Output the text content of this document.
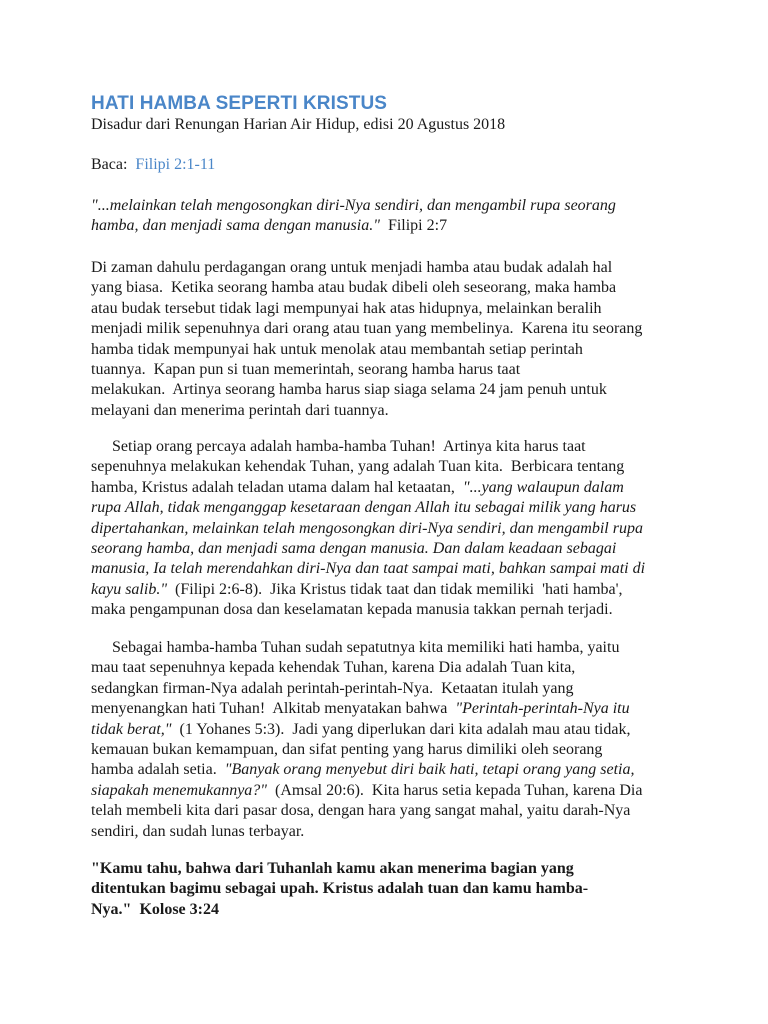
HATI HAMBA SEPERTI KRISTUS
Disadur dari Renungan Harian Air Hidup, edisi 20 Agustus 2018
Baca: Filipi 2:1-11
"...melainkan telah mengosongkan diri-Nya sendiri, dan mengambil rupa seorang
hamba, dan menjadi sama dengan manusia." Filipi 2:7
Di zaman dahulu perdagangan orang untuk menjadi hamba atau budak adalah hal
yang biasa.  Ketika seorang hamba atau budak dibeli oleh seseorang, maka hamba
atau budak tersebut tidak lagi mempunyai hak atas hidupnya, melainkan beralih
menjadi milik sepenuhnya dari orang atau tuan yang membelinya.  Karena itu seorang
hamba tidak mempunyai hak untuk menolak atau membantah setiap perintah
tuannya.  Kapan pun si tuan memerintah, seorang hamba harus taat
melakukan.  Artinya seorang hamba harus siap siaga selama 24 jam penuh untuk
melayani dan menerima perintah dari tuannya.
Setiap orang percaya adalah hamba-hamba Tuhan!  Artinya kita harus taat
sepenuhnya melakukan kehendak Tuhan, yang adalah Tuan kita.  Berbicara tentang
hamba, Kristus adalah teladan utama dalam hal ketaatan,  "...yang walaupun dalam
rupa Allah, tidak menganggap kesetaraan dengan Allah itu sebagai milik yang harus
dipertahankan, melainkan telah mengosongkan diri-Nya sendiri, dan mengambil rupa
seorang hamba, dan menjadi sama dengan manusia. Dan dalam keadaan sebagai
manusia, Ia telah merendahkan diri-Nya dan taat sampai mati, bahkan sampai mati di
kayu salib."  (Filipi 2:6-8).  Jika Kristus tidak taat dan tidak memiliki  'hati hamba',
maka pengampunan dosa dan keselamatan kepada manusia takkan pernah terjadi.
Sebagai hamba-hamba Tuhan sudah sepatutnya kita memiliki hati hamba, yaitu
mau taat sepenuhnya kepada kehendak Tuhan, karena Dia adalah Tuan kita,
sedangkan firman-Nya adalah perintah-perintah-Nya.  Ketaatan itulah yang
menyenangkan hati Tuhan!  Alkitab menyatakan bahwa  "Perintah-perintah-Nya itu
tidak berat,"  (1 Yohanes 5:3).  Jadi yang diperlukan dari kita adalah mau atau tidak,
kemauan bukan kemampuan, dan sifat penting yang harus dimiliki oleh seorang
hamba adalah setia.  "Banyak orang menyebut diri baik hati, tetapi orang yang setia,
siapakah menemukannya?"  (Amsal 20:6).  Kita harus setia kepada Tuhan, karena Dia
telah membeli kita dari pasar dosa, dengan hara yang sangat mahal, yaitu darah-Nya
sendiri, dan sudah lunas terbayar.
"Kamu tahu, bahwa dari Tuhanlah kamu akan menerima bagian yang
ditentukan bagimu sebagai upah. Kristus adalah tuan dan kamu hamba-
Nya."  Kolose 3:24
